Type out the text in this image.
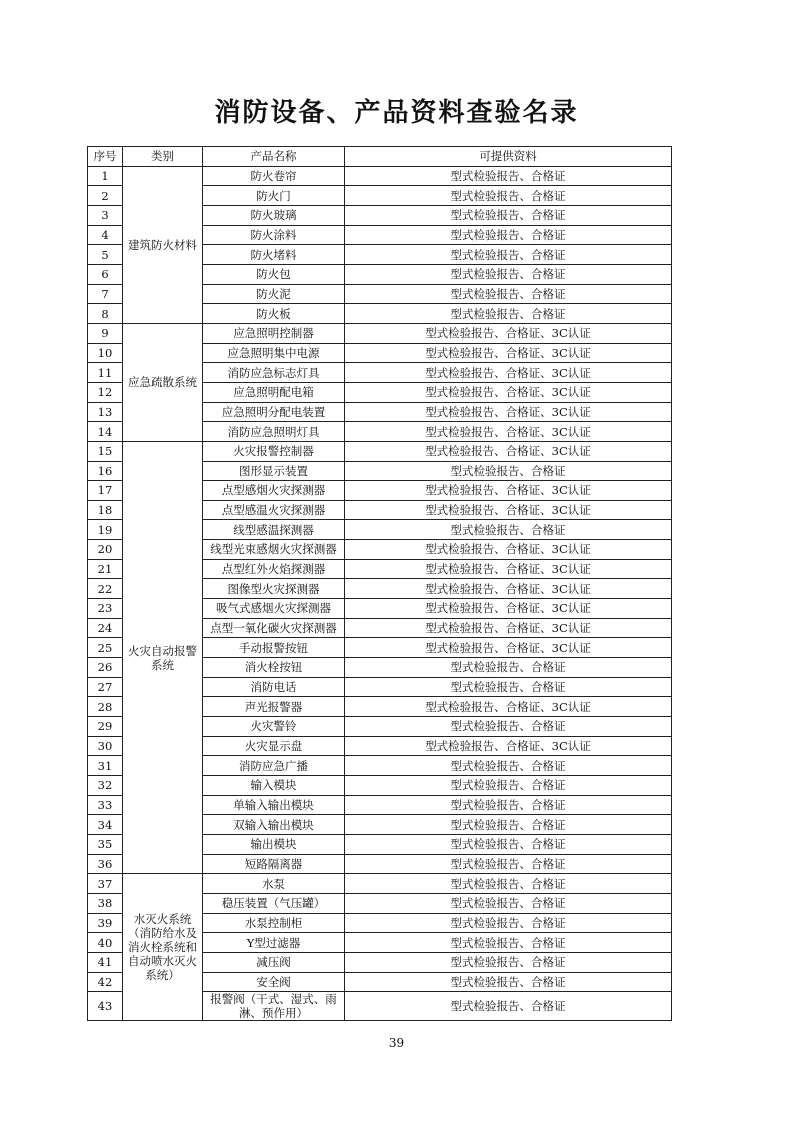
消防设备、产品资料查验名录
序号	类别	产品名称	可提供资料
1	建筑防火材料	防火卷帘	型式检验报告、合格证
2		防火门	型式检验报告、合格证
3		防火玻璃	型式检验报告、合格证
4		防火涂料	型式检验报告、合格证
5		防火堵料	型式检验报告、合格证
6		防火包	型式检验报告、合格证
7		防火泥	型式检验报告、合格证
8		防火板	型式检验报告、合格证
9	应急疏散系统	应急照明控制器	型式检验报告、合格证、3C认证
10		应急照明集中电源	型式检验报告、合格证、3C认证
11		消防应急标志灯具	型式检验报告、合格证、3C认证
12		应急照明配电箱	型式检验报告、合格证、3C认证
13		应急照明分配电装置	型式检验报告、合格证、3C认证
14		消防应急照明灯具	型式检验报告、合格证、3C认证
15	火灾自动报警系统	火灾报警控制器	型式检验报告、合格证、3C认证
16		图形显示装置	型式检验报告、合格证
17		点型感烟火灾探测器	型式检验报告、合格证、3C认证
18		点型感温火灾探测器	型式检验报告、合格证、3C认证
19		线型感温探测器	型式检验报告、合格证
20		线型光束感烟火灾探测器	型式检验报告、合格证、3C认证
21		点型红外火焰探测器	型式检验报告、合格证、3C认证
22		图像型火灾探测器	型式检验报告、合格证、3C认证
23		吸气式感烟火灾探测器	型式检验报告、合格证、3C认证
24		点型一氧化碳火灾探测器	型式检验报告、合格证、3C认证
25		手动报警按钮	型式检验报告、合格证、3C认证
26		消火栓按钮	型式检验报告、合格证
27		消防电话	型式检验报告、合格证
28		声光报警器	型式检验报告、合格证、3C认证
29		火灾警铃	型式检验报告、合格证
30		火灾显示盘	型式检验报告、合格证、3C认证
31		消防应急广播	型式检验报告、合格证
32		输入模块	型式检验报告、合格证
33		单输入输出模块	型式检验报告、合格证
34		双输入输出模块	型式检验报告、合格证
35		输出模块	型式检验报告、合格证
36		短路隔离器	型式检验报告、合格证
37	水灭火系统（消防给水及消火栓系统和自动喷水灭火系统）	水泵	型式检验报告、合格证
38		稳压装置（气压罐）	型式检验报告、合格证
39		水泵控制柜	型式检验报告、合格证
40		Y型过滤器	型式检验报告、合格证
41		减压阀	型式检验报告、合格证
42		安全阀	型式检验报告、合格证
43		报警阀（干式、湿式、雨淋、预作用）	型式检验报告、合格证
39
